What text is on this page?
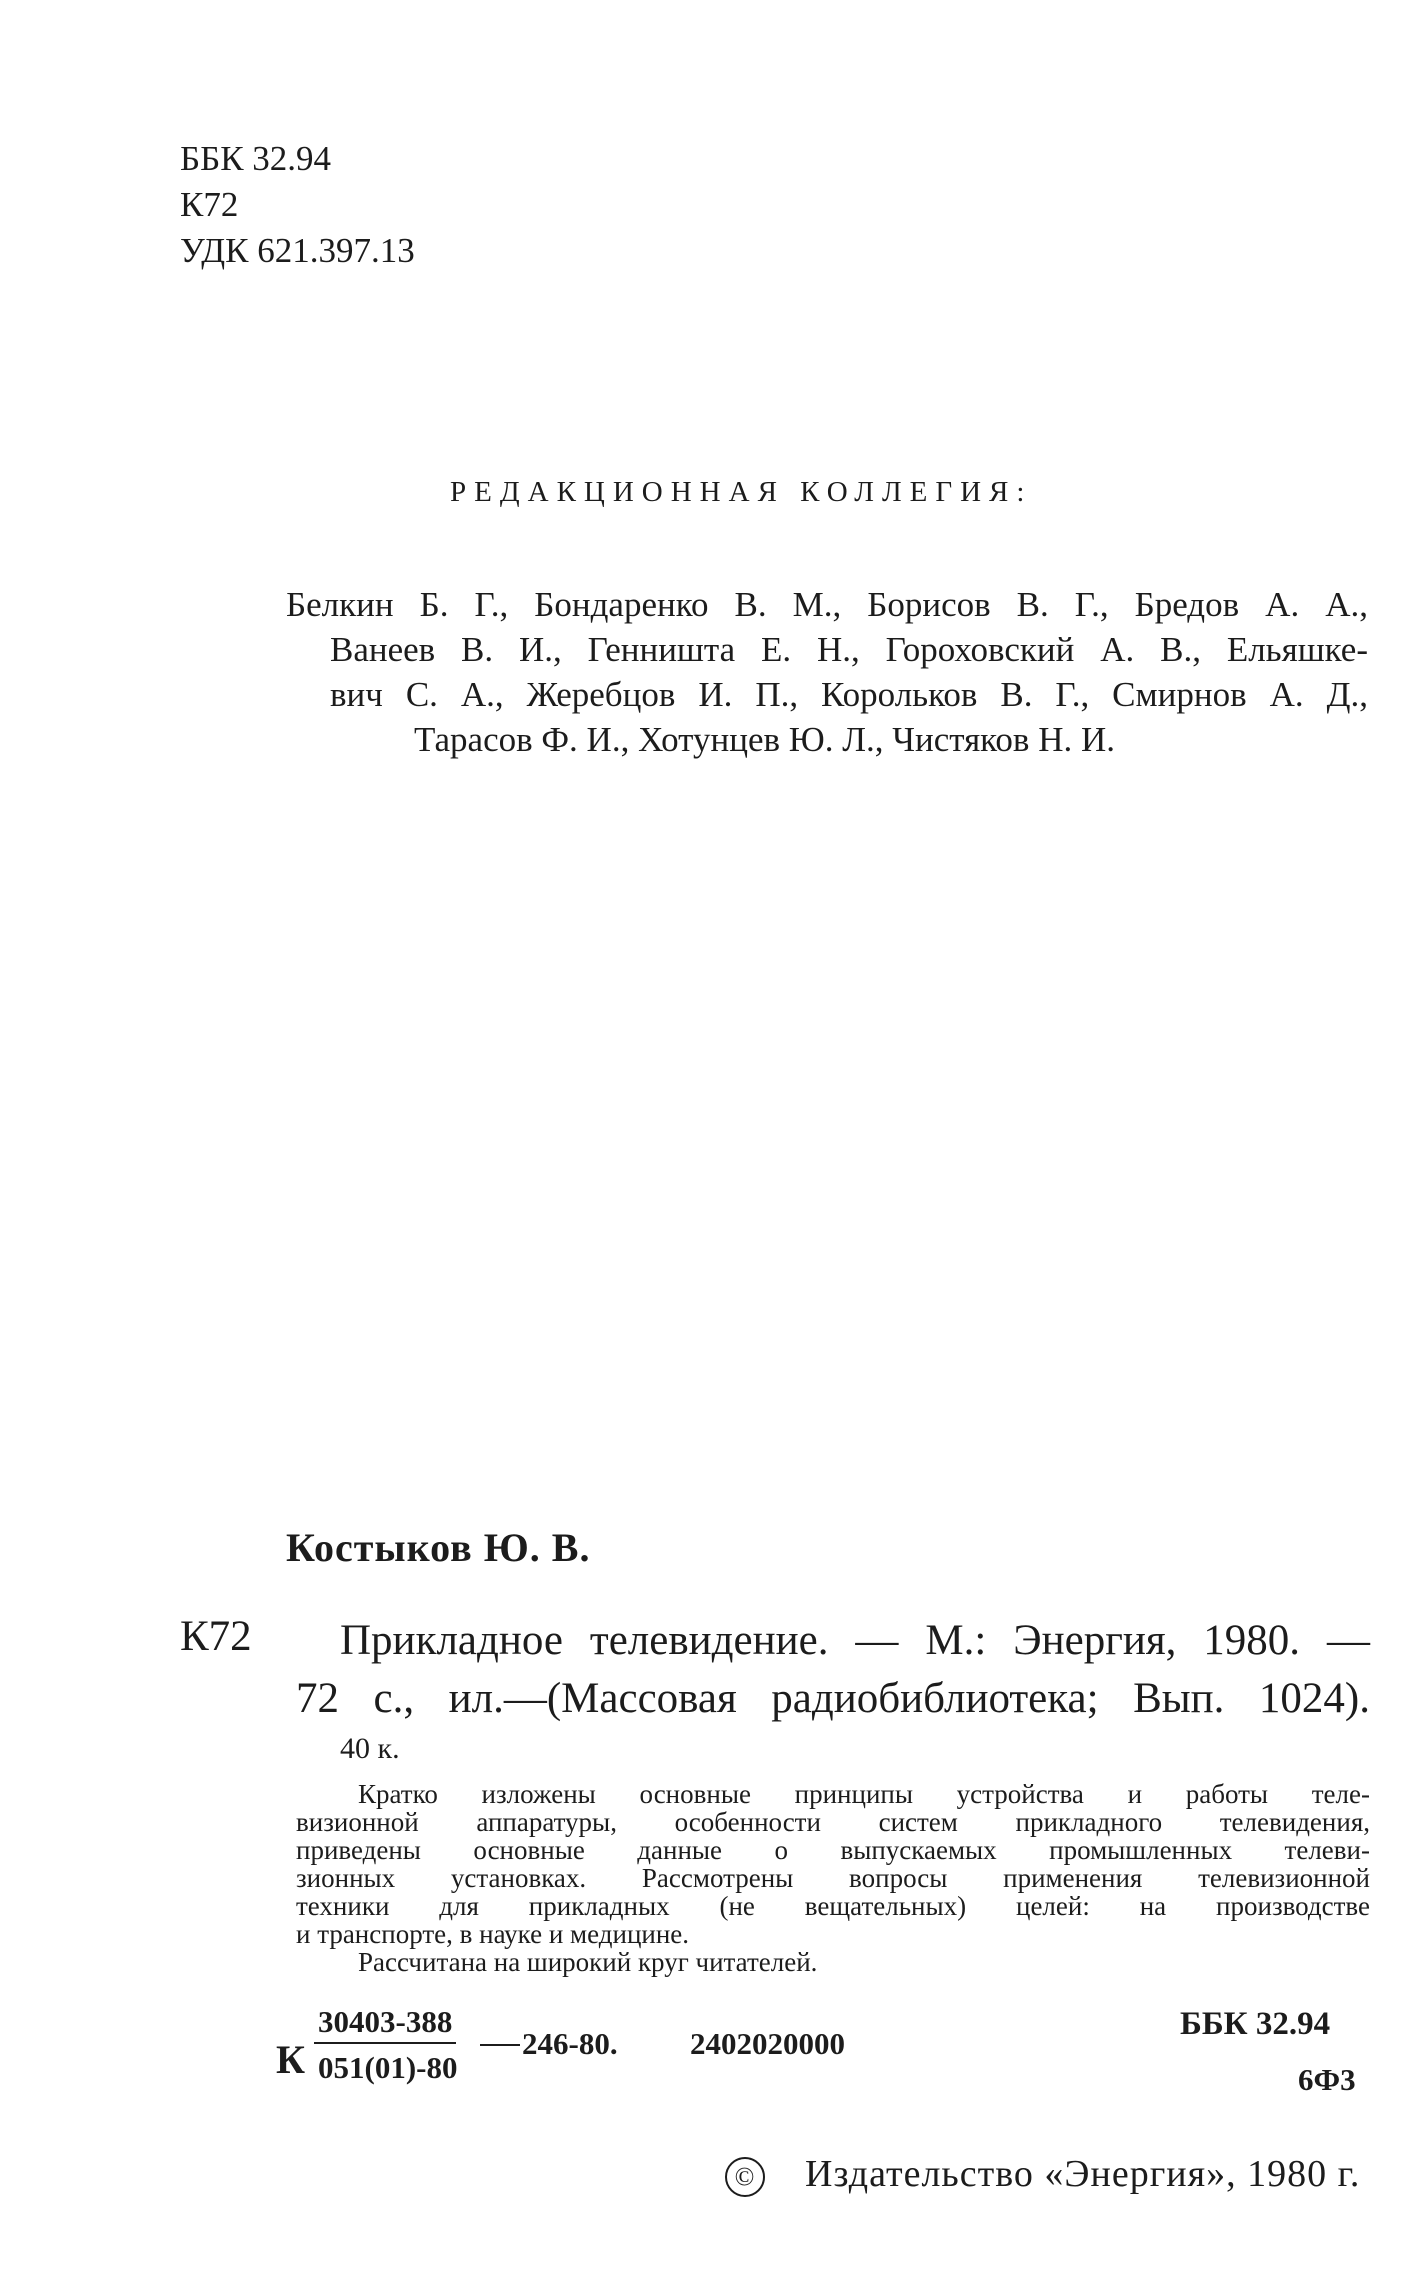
ББК 32.94
К72
УДК 621.397.13
РЕДАКЦИОННАЯ КОЛЛЕГИЯ:
Белкин Б. Г., Бондаренко В. М., Борисов В. Г., Бредов А. А.,
Ванеев В. И., Генништа Е. Н., Гороховский А. В., Ельяшке-
вич С. А., Жеребцов И. П., Корольков В. Г., Смирнов А. Д.,
Тарасов Ф. И., Хотунцев Ю. Л., Чистяков Н. И.
Костыков Ю. В.
К72	Прикладное телевидение. — М.: Энергия, 1980. —
72 с., ил.—(Массовая радиобиблиотека; Вып. 1024).
40 к.
Кратко изложены основные принципы устройства и работы теле-
визионной аппаратуры, особенности систем прикладного телевидения,
приведены основные данные о выпускаемых промышленных телеви-
зионных установках. Рассмотрены вопросы применения телевизионной
техники для прикладных (не вещательных) целей: на производстве
и транспорте, в науке и медицине.
Рассчитана на широкий круг читателей.
К
30403-388
051(01)-80
246-80. 2402020000
ББК 32.94
6Ф3
© Издательство «Энергия», 1980 г.
